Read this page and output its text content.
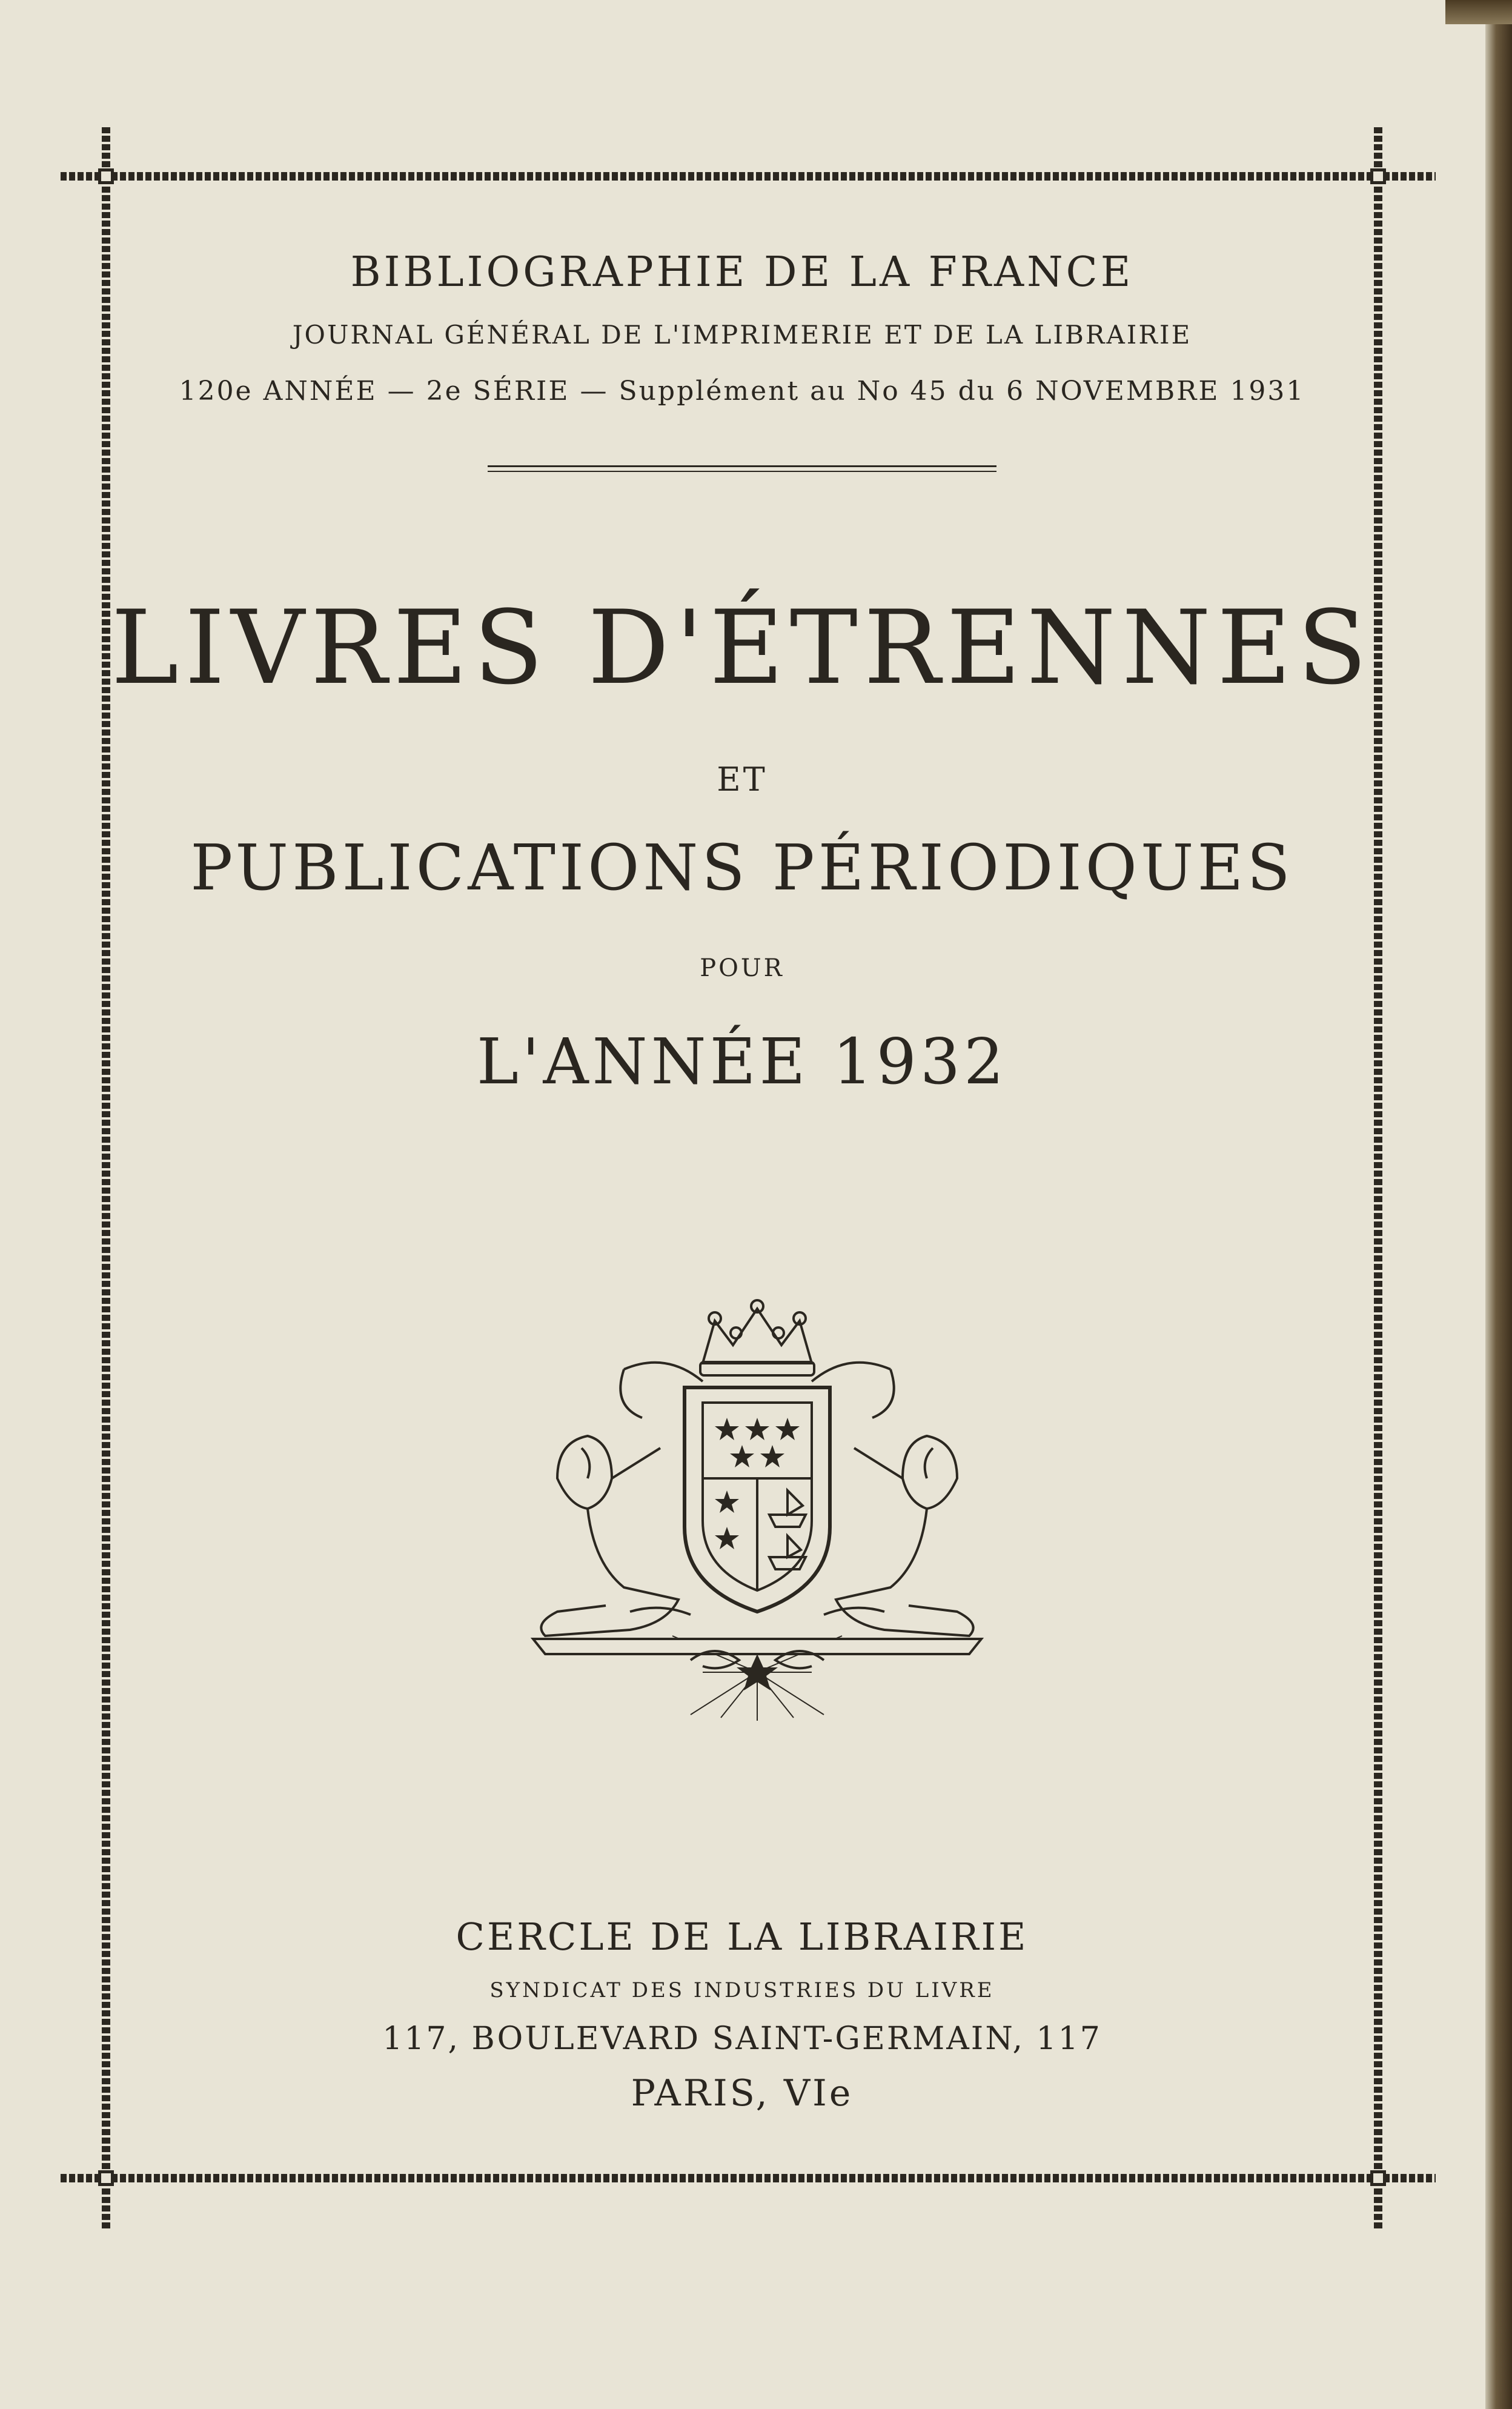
BIBLIOGRAPHIE DE LA FRANCE
JOURNAL GÉNÉRAL DE L'IMPRIMERIE ET DE LA LIBRAIRIE
120e ANNÉE — 2e SÉRIE — Supplément au No 45 du 6 NOVEMBRE 1931
LIVRES D'ÉTRENNES
ET
PUBLICATIONS PÉRIODIQUES
POUR
L'ANNÉE 1932
CERCLE DE LA LIBRAIRIE
SYNDICAT DES INDUSTRIES DU LIVRE
117, BOULEVARD SAINT-GERMAIN, 117
PARIS, VIe
